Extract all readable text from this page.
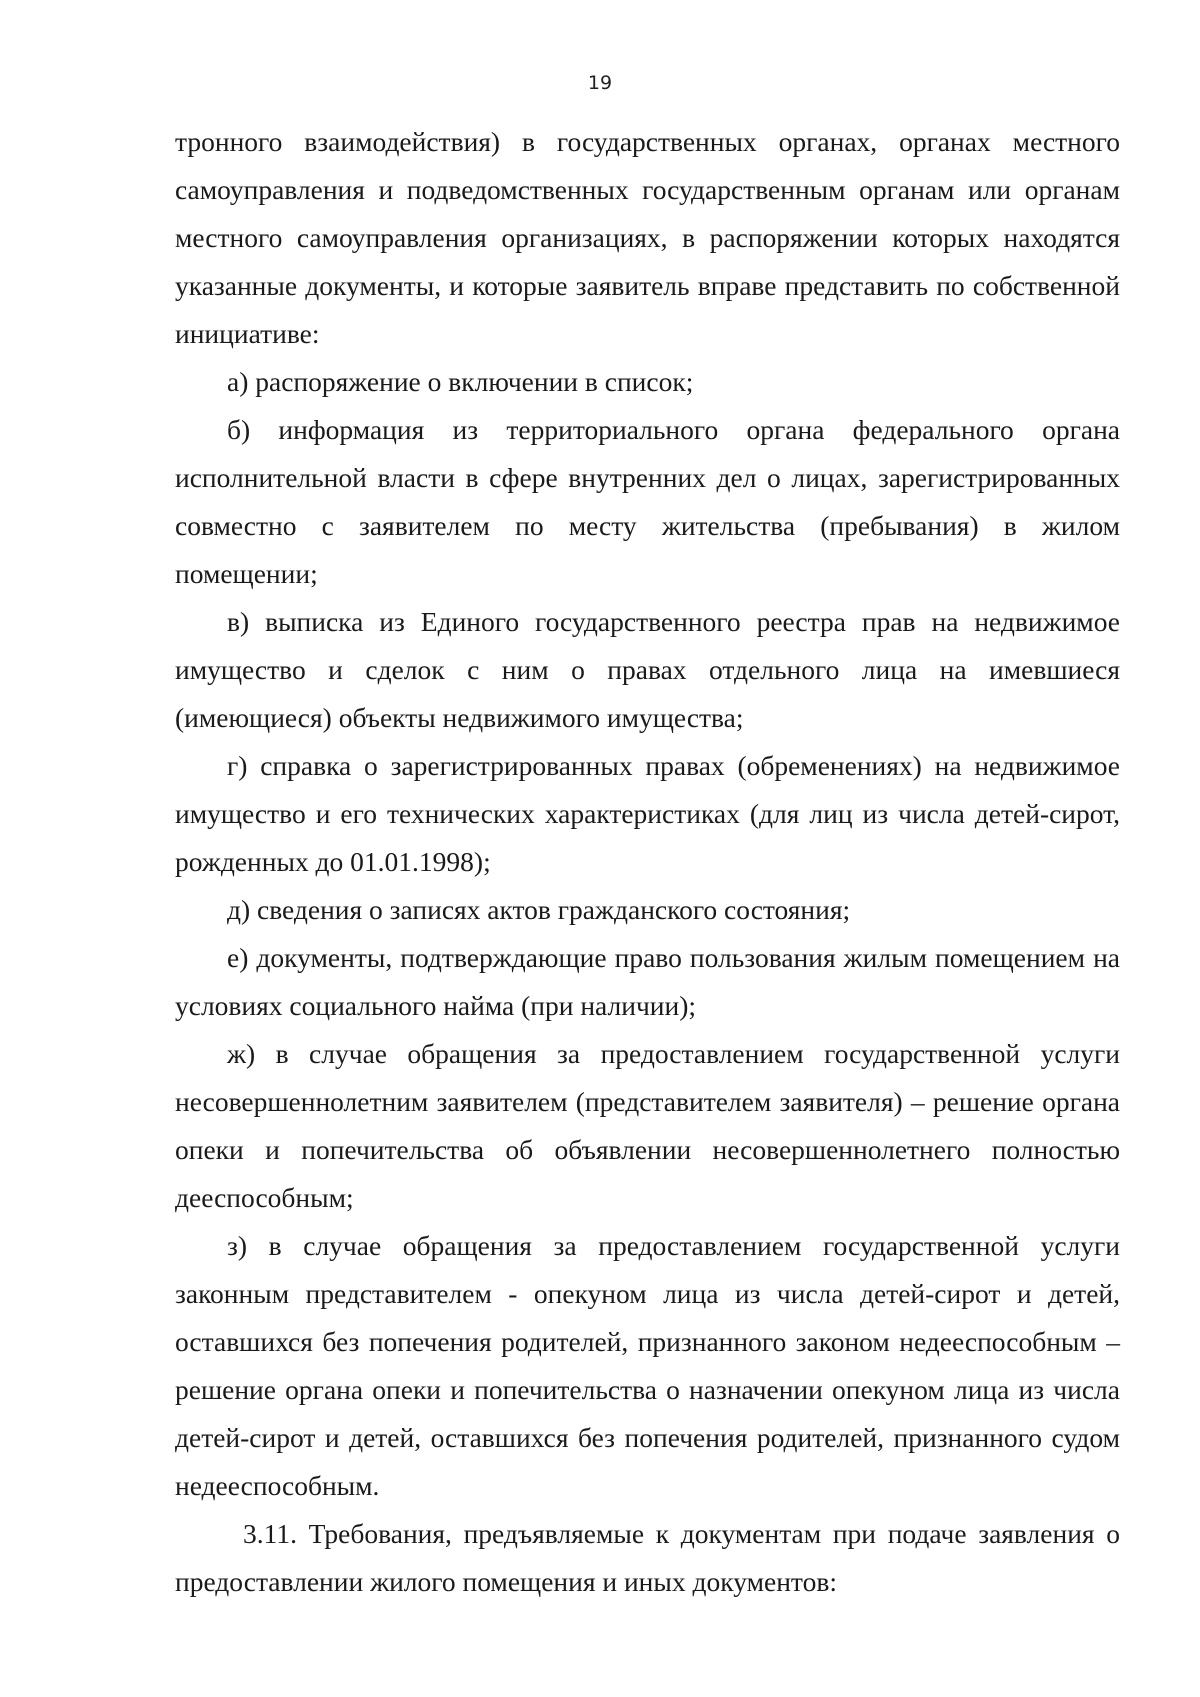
19

тронного взаимодействия) в государственных органах, органах местного самоуправления и подведомственных государственным органам или органам местного самоуправления организациях, в распоряжении которых находятся указанные документы, и которые заявитель вправе представить по собственной инициативе:

а) распоряжение о включении в список;

б) информация из территориального органа федерального органа исполнительной власти в сфере внутренних дел о лицах, зарегистрированных совместно с заявителем по месту жительства (пребывания) в жилом помещении;

в) выписка из Единого государственного реестра прав на недвижимое имущество и сделок с ним о правах отдельного лица на имевшиеся (имеющиеся) объекты недвижимого имущества;

г) справка о зарегистрированных правах (обременениях) на недвижимое имущество и его технических характеристиках (для лиц из числа детей-сирот, рожденных до 01.01.1998);

д) сведения о записях актов гражданского состояния;

е) документы, подтверждающие право пользования жилым помещением на условиях социального найма (при наличии);

ж) в случае обращения за предоставлением государственной услуги несовершеннолетним заявителем (представителем заявителя) – решение органа опеки и попечительства об объявлении несовершеннолетнего полностью дееспособным;

з) в случае обращения за предоставлением государственной услуги законным представителем - опекуном лица из числа детей-сирот и детей, оставшихся без попечения родителей, признанного законом недееспособным – решение органа опеки и попечительства о назначении опекуном лица из числа детей-сирот и детей, оставшихся без попечения родителей, признанного судом недееспособным.

3.11. Требования, предъявляемые к документам при подаче заявления о предоставлении жилого помещения и иных документов:
